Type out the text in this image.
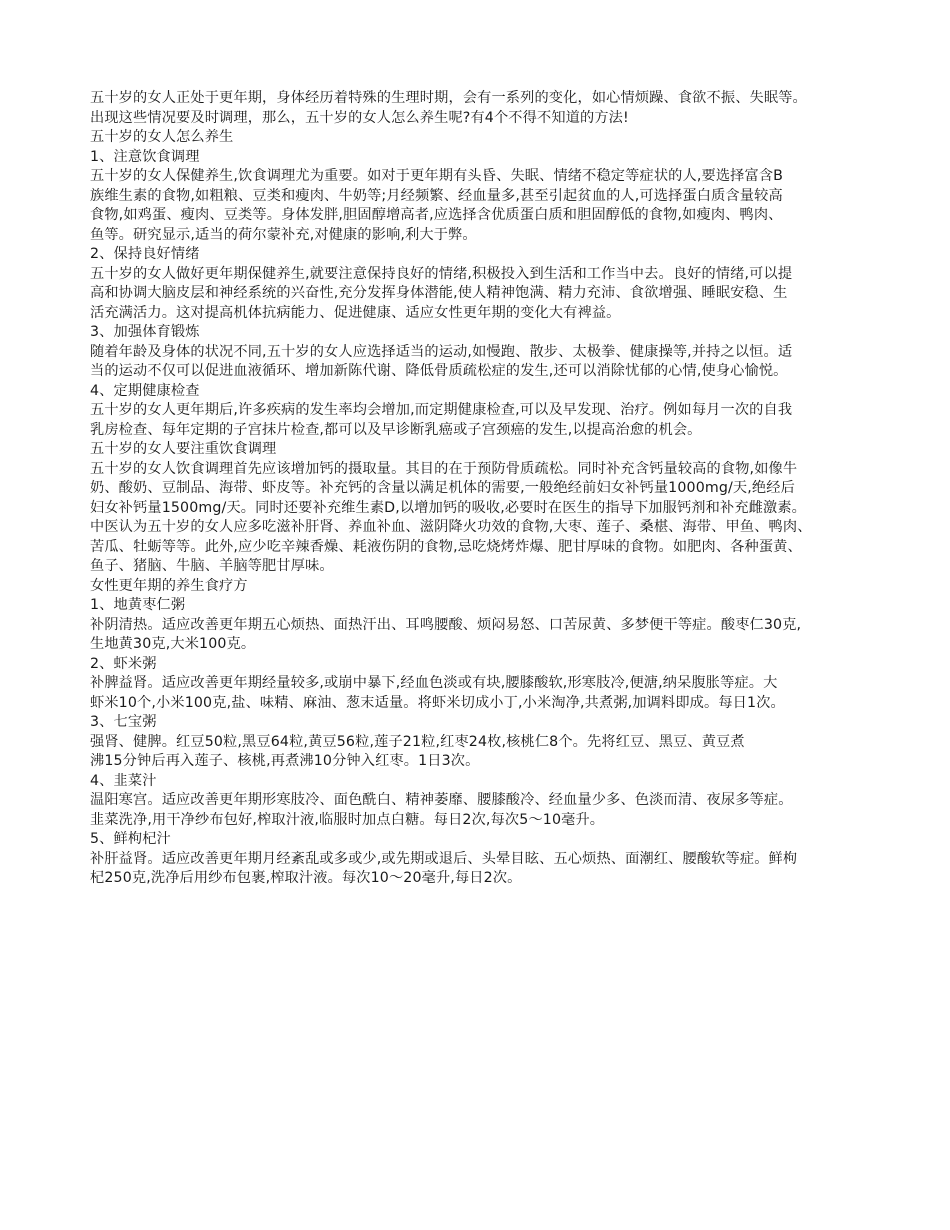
五十岁的女人正处于更年期，身体经历着特殊的生理时期，会有一系列的变化，如心情烦躁、食欲不振、失眠等。
出现这些情况要及时调理，那么，五十岁的女人怎么养生呢?有4个不得不知道的方法!
五十岁的女人怎么养生
1、注意饮食调理
五十岁的女人保健养生,饮食调理尤为重要。如对于更年期有头昏、失眠、情绪不稳定等症状的人,要选择富含B
族维生素的食物,如粗粮、豆类和瘦肉、牛奶等;月经频繁、经血量多,甚至引起贫血的人,可选择蛋白质含量较高
食物,如鸡蛋、瘦肉、豆类等。身体发胖,胆固醇增高者,应选择含优质蛋白质和胆固醇低的食物,如瘦肉、鸭肉、
鱼等。研究显示,适当的荷尔蒙补充,对健康的影响,利大于弊。
2、保持良好情绪
五十岁的女人做好更年期保健养生,就要注意保持良好的情绪,积极投入到生活和工作当中去。良好的情绪,可以提
高和协调大脑皮层和神经系统的兴奋性,充分发挥身体潜能,使人精神饱满、精力充沛、食欲增强、睡眠安稳、生
活充满活力。这对提高机体抗病能力、促进健康、适应女性更年期的变化大有裨益。
3、加强体育锻炼
随着年龄及身体的状况不同,五十岁的女人应选择适当的运动,如慢跑、散步、太极拳、健康操等,并持之以恒。适
当的运动不仅可以促进血液循环、增加新陈代谢、降低骨质疏松症的发生,还可以消除忧郁的心情,使身心愉悦。
4、定期健康检查
五十岁的女人更年期后,许多疾病的发生率均会增加,而定期健康检查,可以及早发现、治疗。例如每月一次的自我
乳房检查、每年定期的子宫抹片检查,都可以及早诊断乳癌或子宫颈癌的发生,以提高治愈的机会。
五十岁的女人要注重饮食调理
五十岁的女人饮食调理首先应该增加钙的摄取量。其目的在于预防骨质疏松。同时补充含钙量较高的食物,如像牛
奶、酸奶、豆制品、海带、虾皮等。补充钙的含量以满足机体的需要,一般绝经前妇女补钙量1000mg/天,绝经后
妇女补钙量1500mg/天。同时还要补充维生素D,以增加钙的吸收,必要时在医生的指导下加服钙剂和补充雌激素。
中医认为五十岁的女人应多吃滋补肝肾、养血补血、滋阴降火功效的食物,大枣、莲子、桑椹、海带、甲鱼、鸭肉、
苦瓜、牡蛎等等。此外,应少吃辛辣香燥、耗液伤阴的食物,忌吃烧烤炸爆、肥甘厚味的食物。如肥肉、各种蛋黄、
鱼子、猪脑、牛脑、羊脑等肥甘厚味。
女性更年期的养生食疗方
1、地黄枣仁粥
补阴清热。适应改善更年期五心烦热、面热汗出、耳鸣腰酸、烦闷易怒、口苦尿黄、多梦便干等症。酸枣仁30克,
生地黄30克,大米100克。
2、虾米粥
补脾益肾。适应改善更年期经量较多,或崩中暴下,经血色淡或有块,腰膝酸软,形寒肢冷,便溏,纳呆腹胀等症。大
虾米10个,小米100克,盐、味精、麻油、葱末适量。将虾米切成小丁,小米淘净,共煮粥,加调料即成。每日1次。
3、七宝粥
强肾、健脾。红豆50粒,黑豆64粒,黄豆56粒,莲子21粒,红枣24枚,核桃仁8个。先将红豆、黑豆、黄豆煮
沸15分钟后再入莲子、核桃,再煮沸10分钟入红枣。1日3次。
4、韭菜汁
温阳寒宫。适应改善更年期形寒肢冷、面色酰白、精神萎靡、腰膝酸冷、经血量少多、色淡而清、夜尿多等症。
韭菜洗净,用干净纱布包好,榨取汁液,临服时加点白糖。每日2次,每次5～10毫升。
5、鲜枸杞汁
补肝益肾。适应改善更年期月经紊乱或多或少,或先期或退后、头晕目眩、五心烦热、面潮红、腰酸软等症。鲜枸
杞250克,洗净后用纱布包裹,榨取汁液。每次10～20毫升,每日2次。
